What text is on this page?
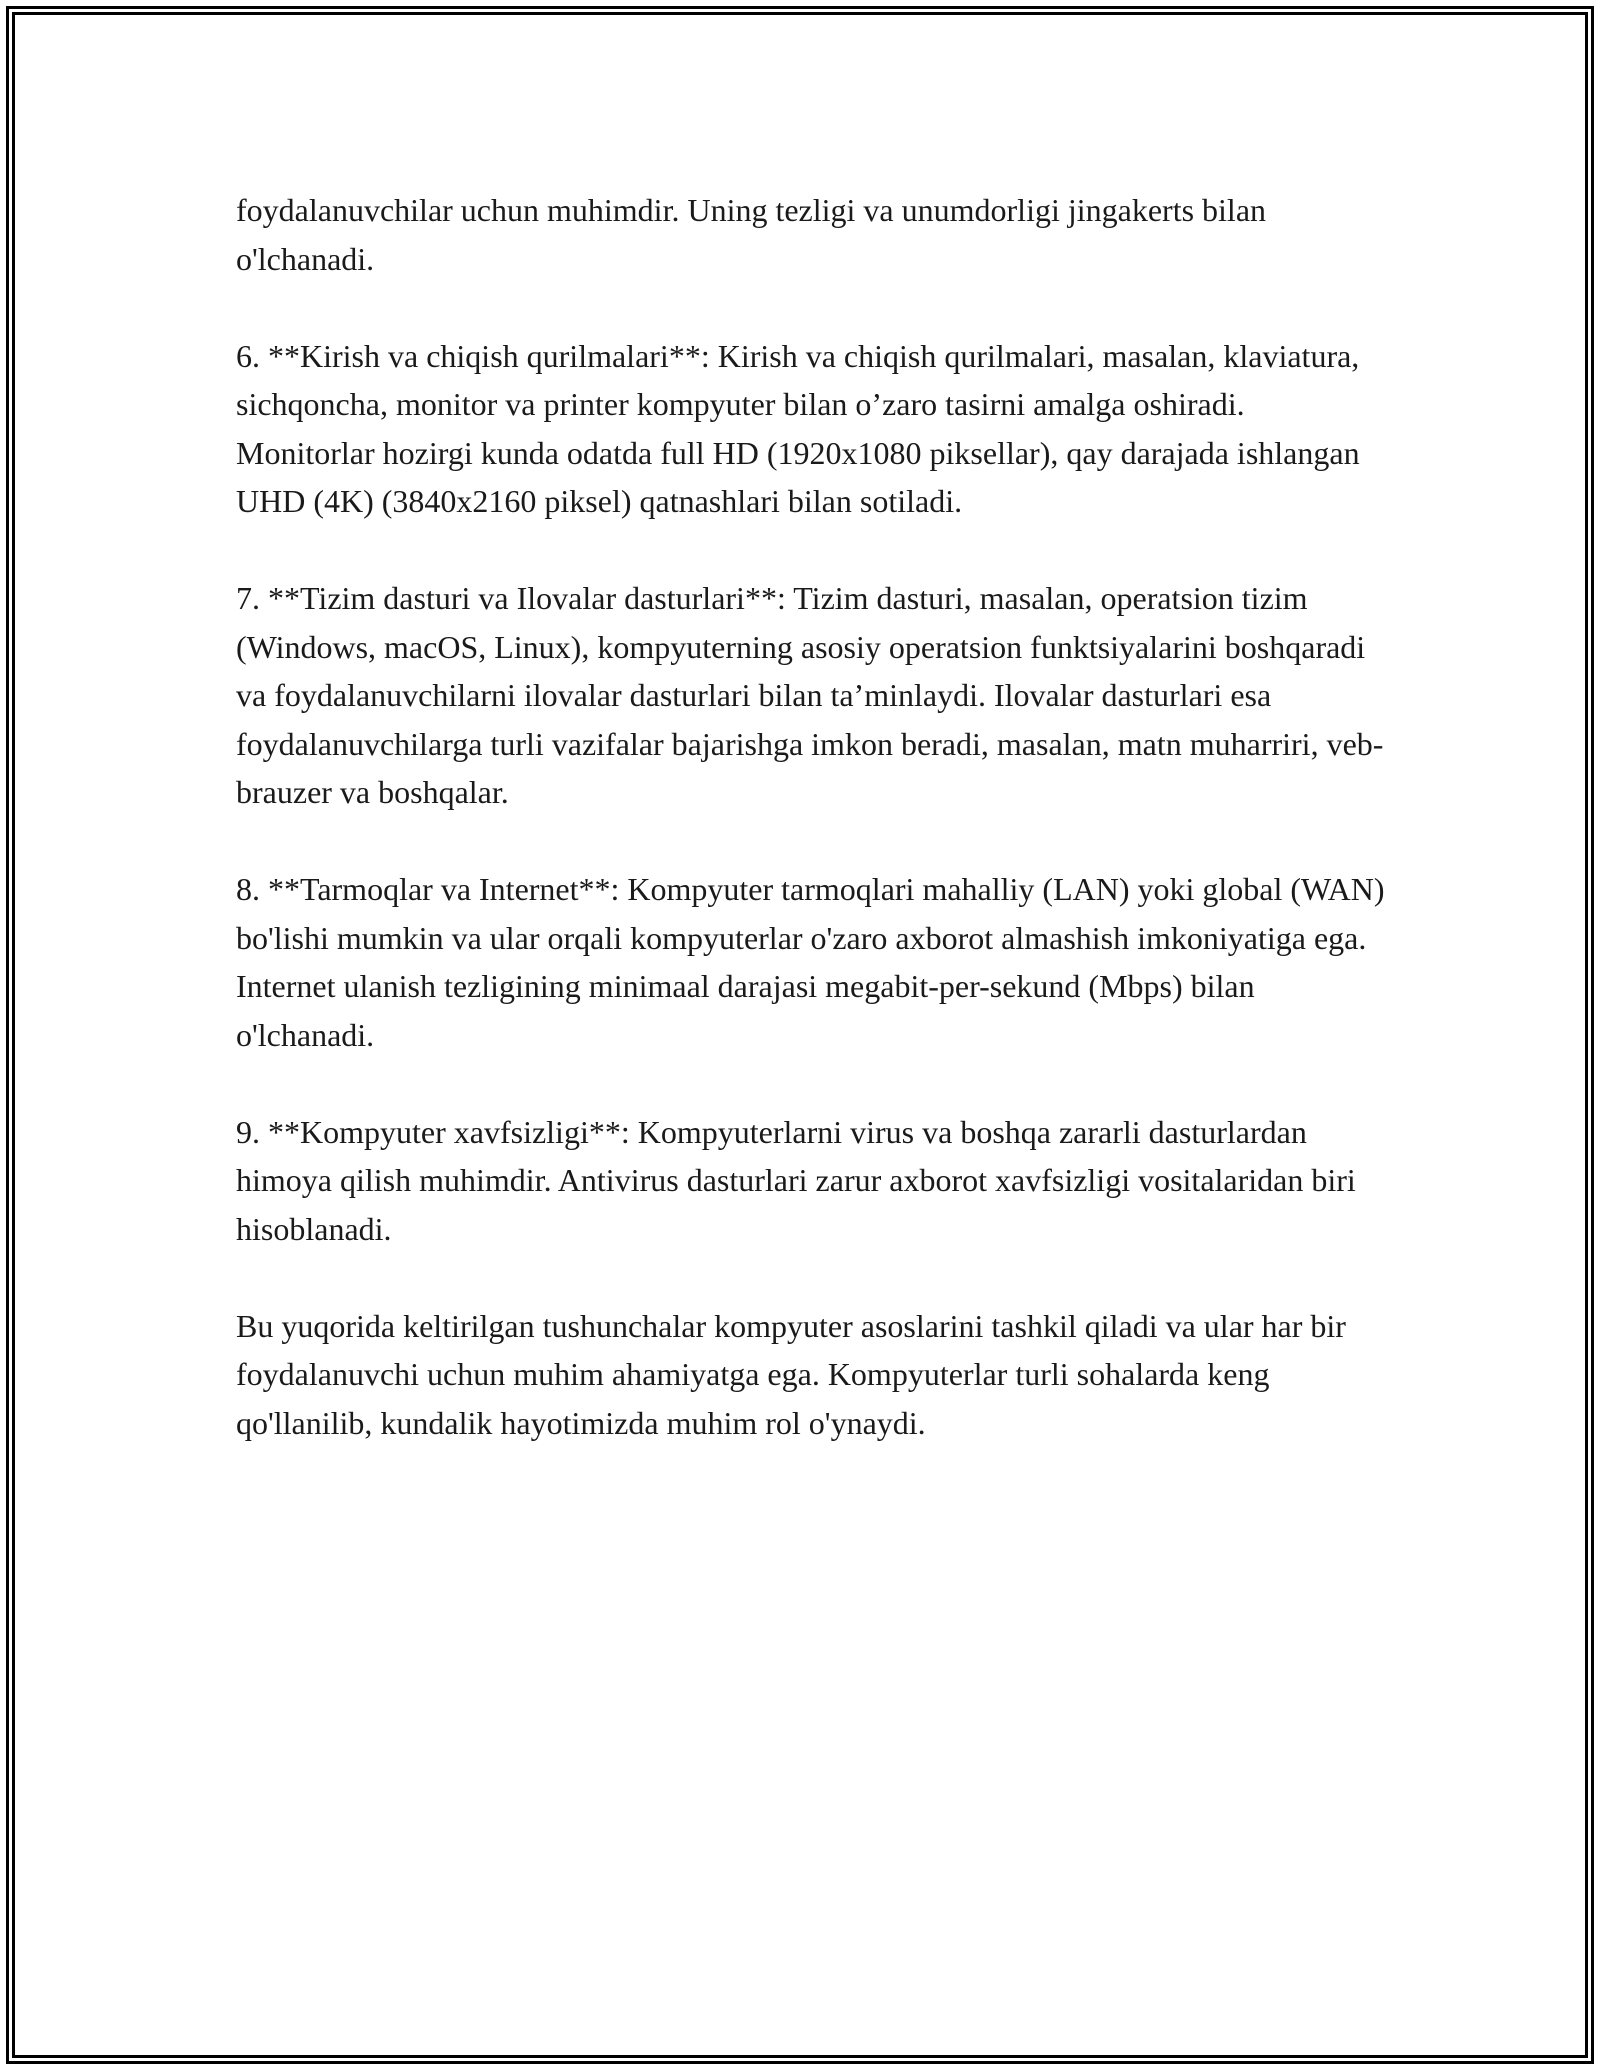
foydalanuvchilar uchun muhimdir. Uning tezligi va unumdorligi jingakerts bilan o'lchanadi.

6. **Kirish va chiqish qurilmalari**: Kirish va chiqish qurilmalari, masalan, klaviatura, sichqoncha, monitor va printer kompyuter bilan o’zaro tasirni amalga oshiradi. Monitorlar hozirgi kunda odatda full HD (1920x1080 piksellar), qay darajada ishlangan UHD (4K) (3840x2160 piksel) qatnashlari bilan sotiladi.

7. **Tizim dasturi va Ilovalar dasturlari**: Tizim dasturi, masalan, operatsion tizim (Windows, macOS, Linux), kompyuterning asosiy operatsion funktsiyalarini boshqaradi va foydalanuvchilarni ilovalar dasturlari bilan ta’minlaydi. Ilovalar dasturlari esa foydalanuvchilarga turli vazifalar bajarishga imkon beradi, masalan, matn muharriri, veb-brauzer va boshqalar.

8. **Tarmoqlar va Internet**: Kompyuter tarmoqlari mahalliy (LAN) yoki global (WAN) bo'lishi mumkin va ular orqali kompyuterlar o'zaro axborot almashish imkoniyatiga ega. Internet ulanish tezligining minimaal darajasi megabit-per-sekund (Mbps) bilan o'lchanadi.

9. **Kompyuter xavfsizligi**: Kompyuterlarni virus va boshqa zararli dasturlardan himoya qilish muhimdir. Antivirus dasturlari zarur axborot xavfsizligi vositalaridan biri hisoblanadi.

Bu yuqorida keltirilgan tushunchalar kompyuter asoslarini tashkil qiladi va ular har bir foydalanuvchi uchun muhim ahamiyatga ega. Kompyuterlar turli sohalarda keng qo'llanilib, kundalik hayotimizda muhim rol o'ynaydi.
